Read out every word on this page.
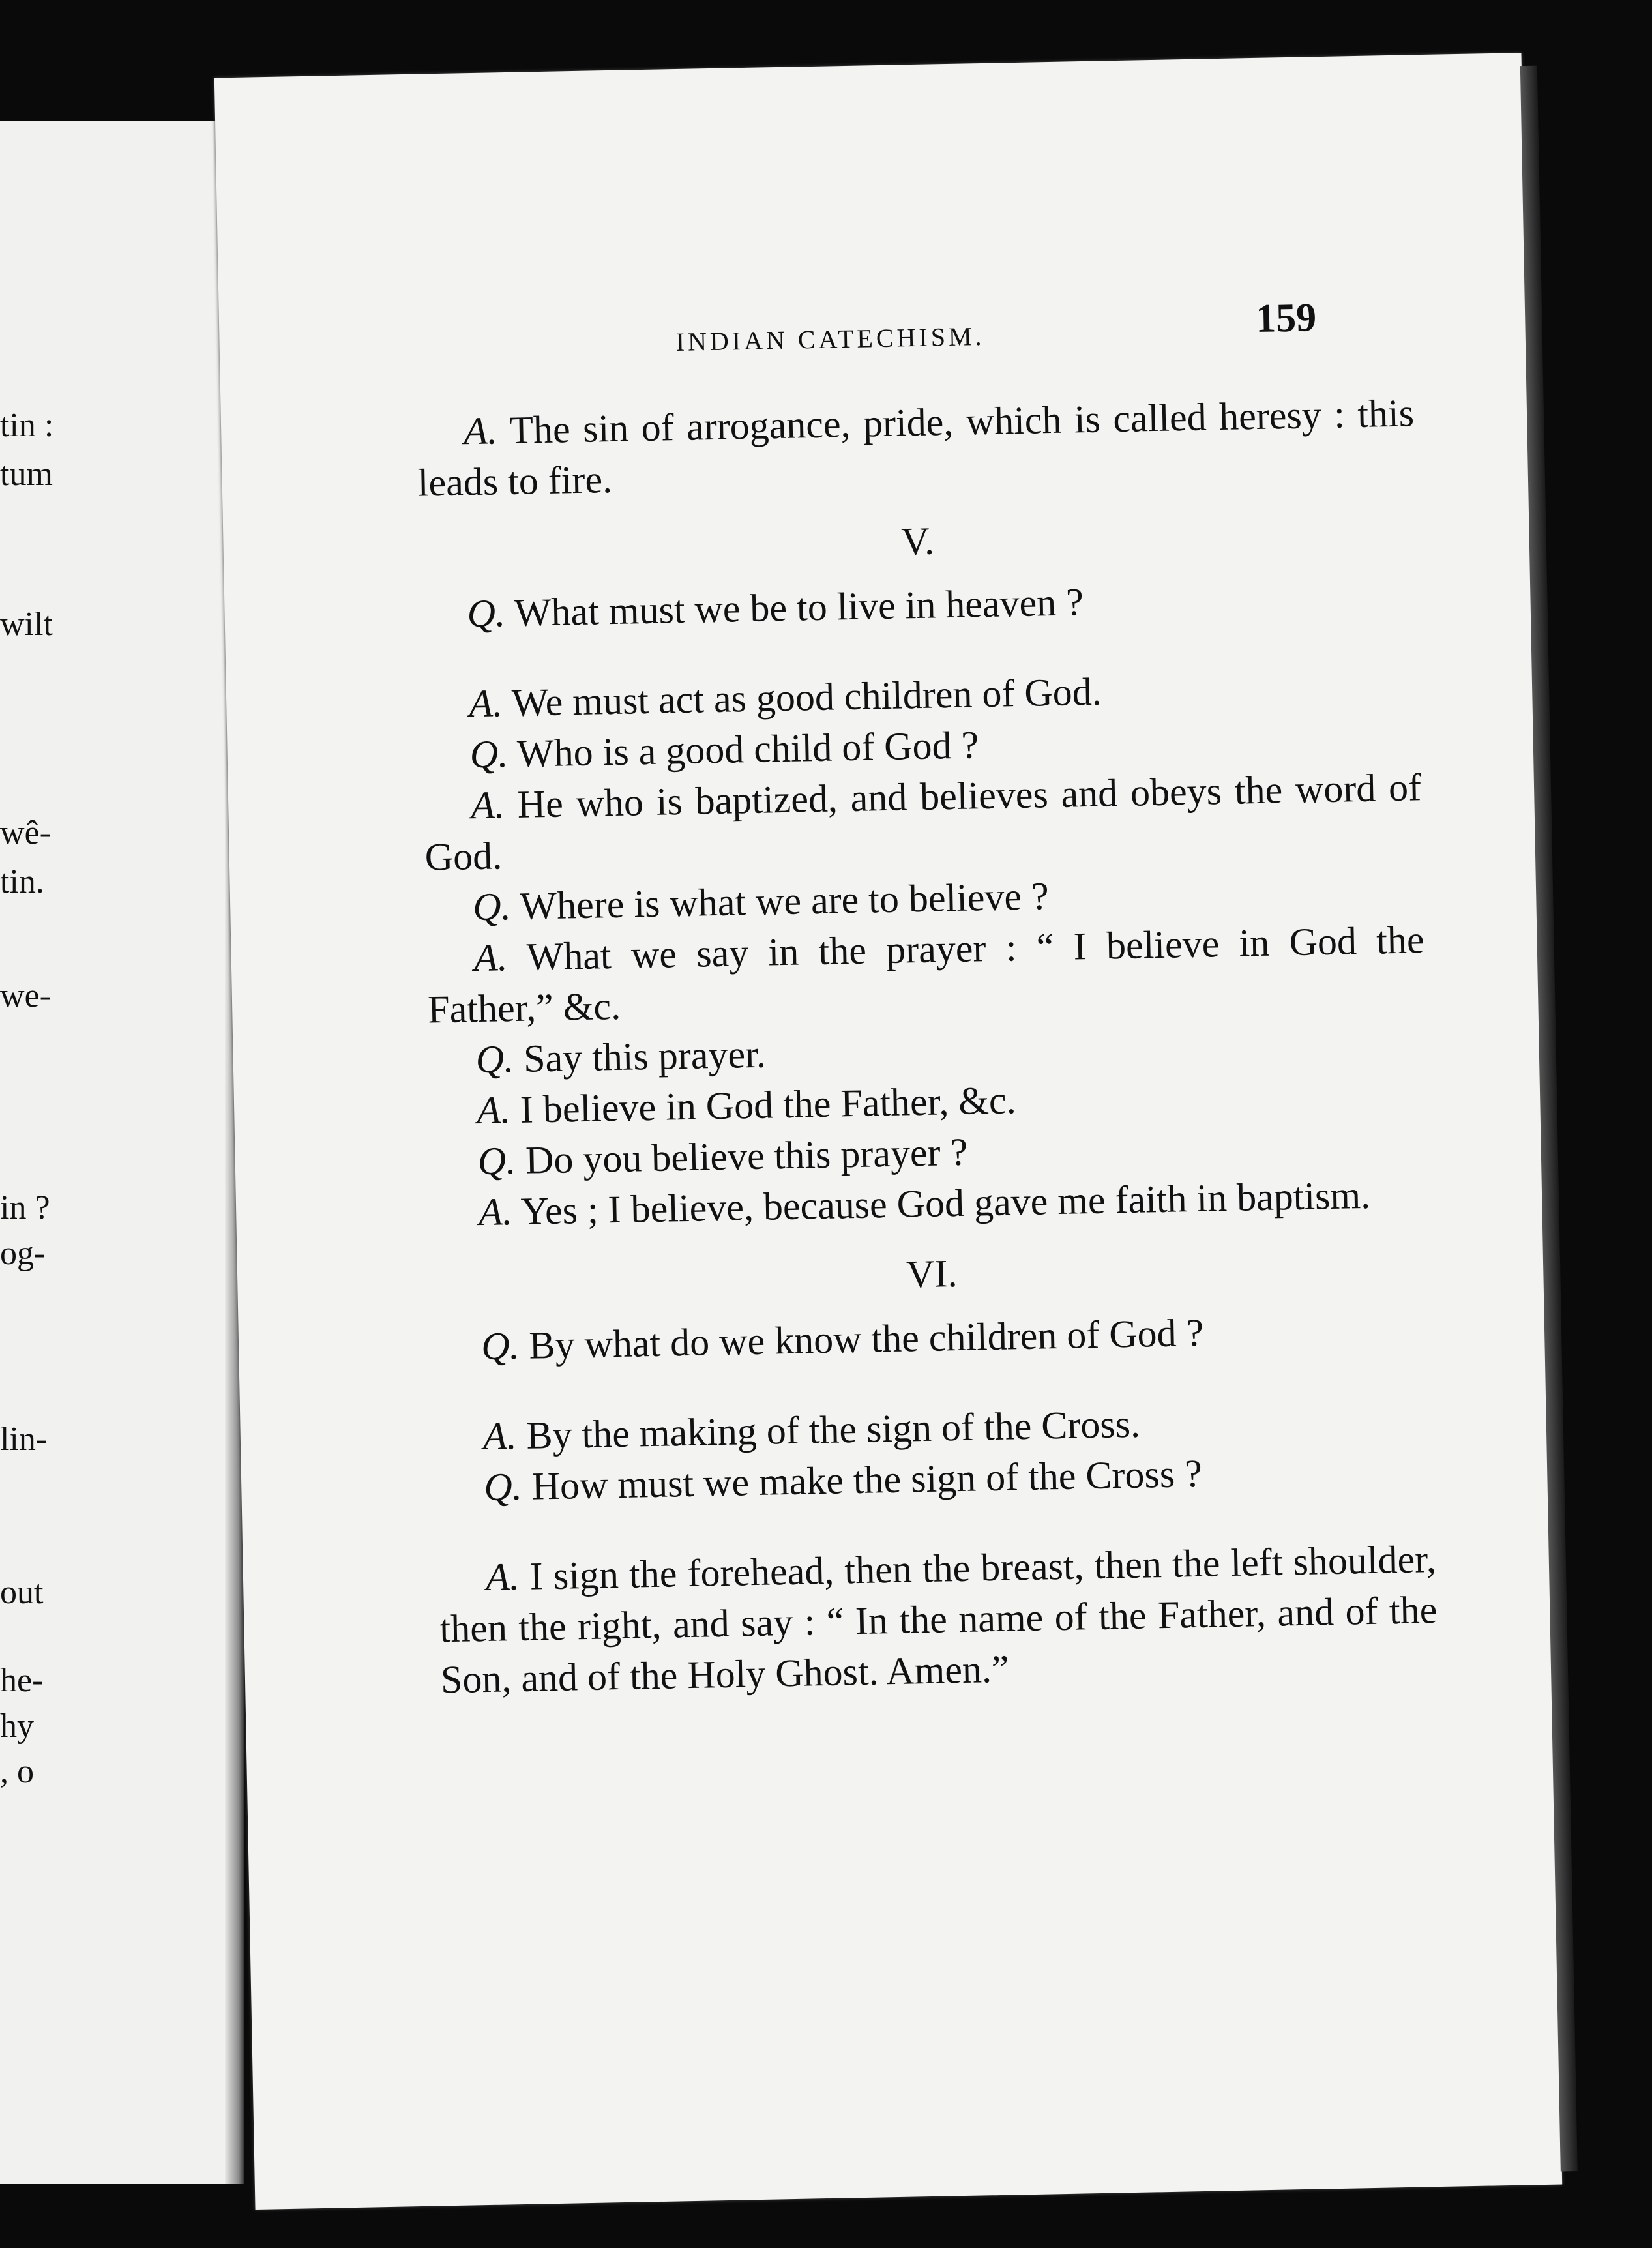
tin :
tum
wilt
wê-
tin.
we-
in ?
og-
lin-
out
he-
hy
, o
INDIAN CATECHISM.	159

A. The sin of arrogance, pride, which is called heresy : this leads to fire.

V.

Q. What must we be to live in heaven ?

A. We must act as good children of God.

Q. Who is a good child of God ?

A. He who is baptized, and believes and obeys the word of God.

Q. Where is what we are to believe ?

A. What we say in the prayer : “ I believe in God the Father,” &c.

Q. Say this prayer.

A. I believe in God the Father, &c.

Q. Do you believe this prayer ?

A. Yes ; I believe, because God gave me faith in baptism.

VI.

Q. By what do we know the children of God ?

A. By the making of the sign of the Cross.

Q. How must we make the sign of the Cross ?

A. I sign the forehead, then the breast, then the left shoulder, then the right, and say : “ In the name of the Father, and of the Son, and of the Holy Ghost. Amen.”
